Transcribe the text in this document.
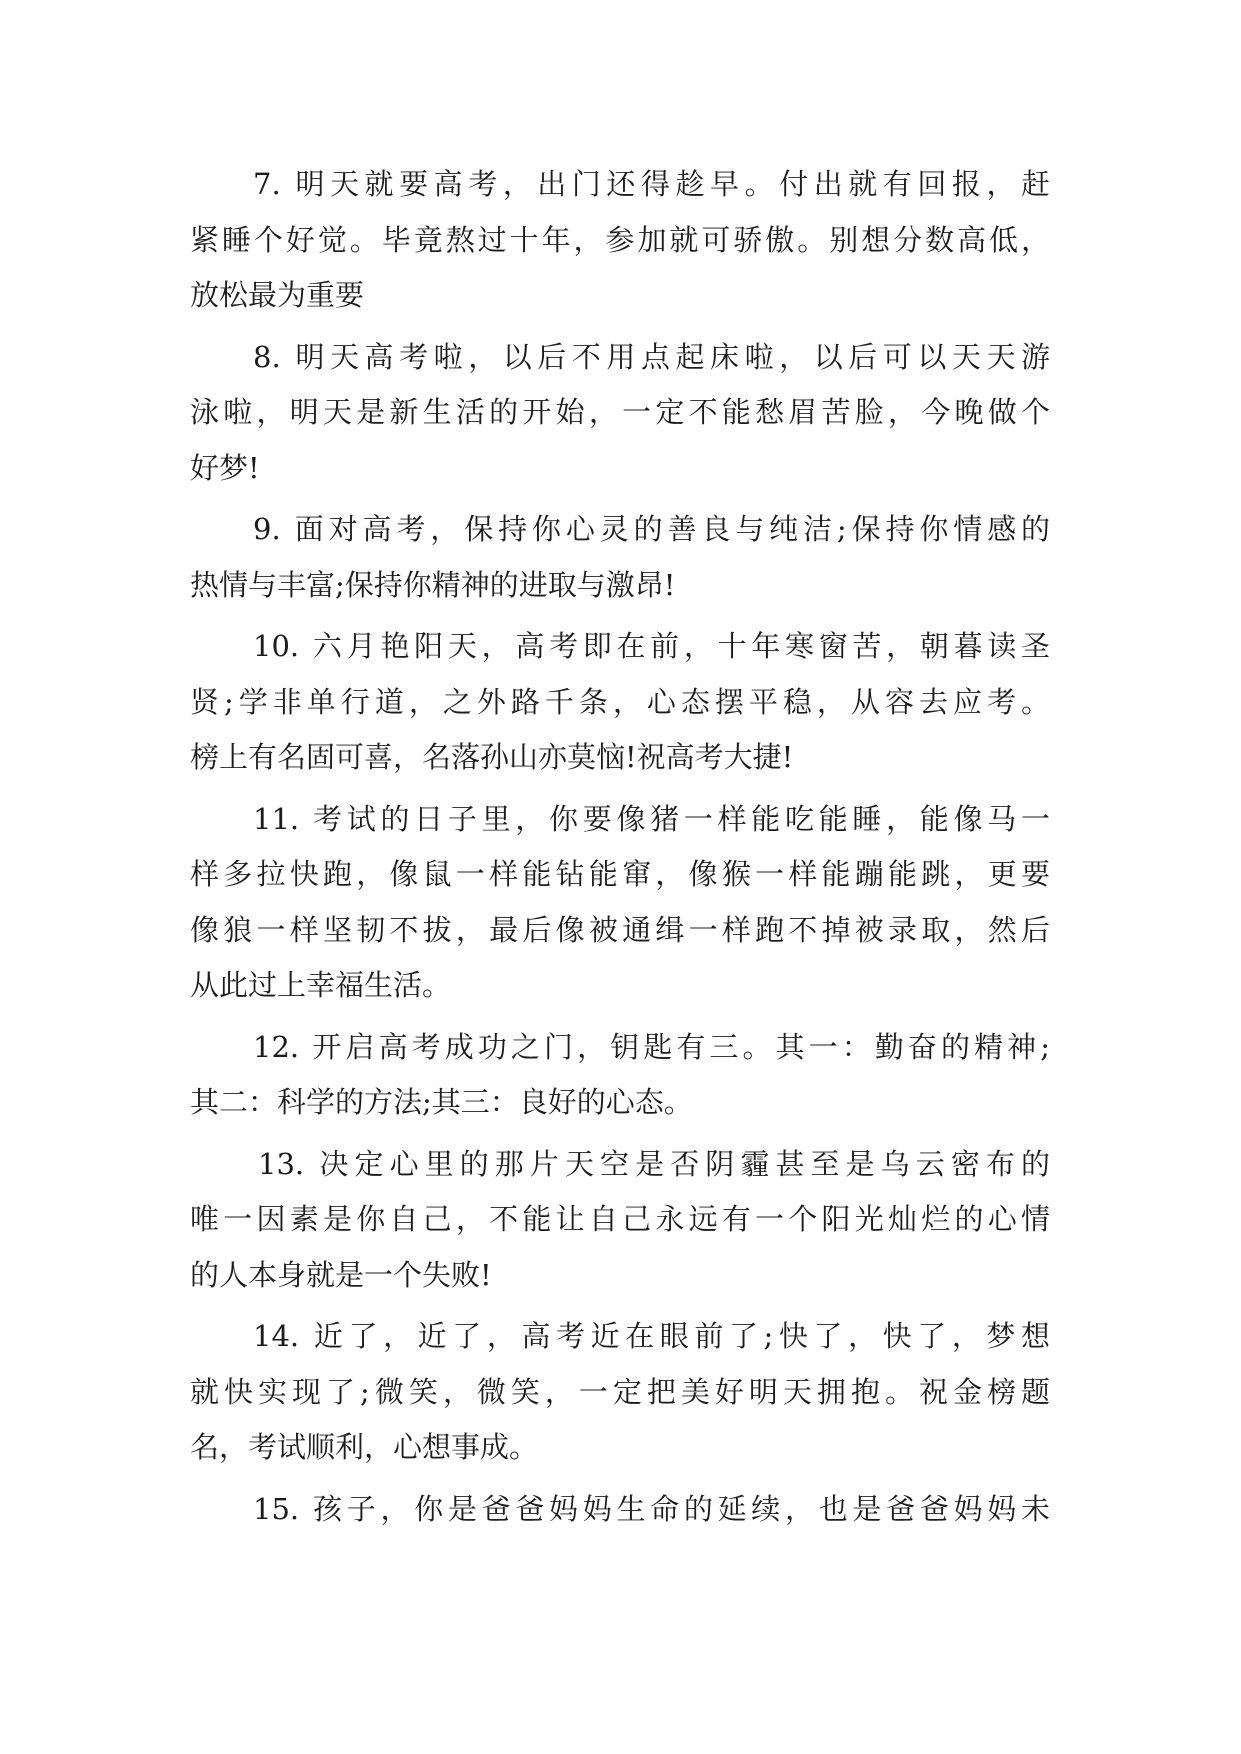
7. 明天就要高考，出门还得趁早。付出就有回报，赶
紧睡个好觉。毕竟熬过十年，参加就可骄傲。别想分数高低，
放松最为重要
8. 明天高考啦，以后不用点起床啦，以后可以天天游
泳啦，明天是新生活的开始，一定不能愁眉苦脸，今晚做个
好梦!
9. 面对高考，保持你心灵的善良与纯洁;保持你情感的
热情与丰富;保持你精神的进取与激昂!
10. 六月艳阳天，高考即在前，十年寒窗苦，朝暮读圣
贤;学非单行道，之外路千条，心态摆平稳，从容去应考。
榜上有名固可喜，名落孙山亦莫恼!祝高考大捷!
11. 考试的日子里，你要像猪一样能吃能睡，能像马一
样多拉快跑，像鼠一样能钻能窜，像猴一样能蹦能跳，更要
像狼一样坚韧不拔，最后像被通缉一样跑不掉被录取，然后
从此过上幸福生活。
12. 开启高考成功之门，钥匙有三。其一：勤奋的精神;
其二：科学的方法;其三：良好的心态。
13. 决定心里的那片天空是否阴霾甚至是乌云密布的
唯一因素是你自己，不能让自己永远有一个阳光灿烂的心情
的人本身就是一个失败!
14. 近了，近了，高考近在眼前了;快了，快了，梦想
就快实现了;微笑，微笑，一定把美好明天拥抱。祝金榜题
名，考试顺利，心想事成。
15. 孩子，你是爸爸妈妈生命的延续，也是爸爸妈妈未
